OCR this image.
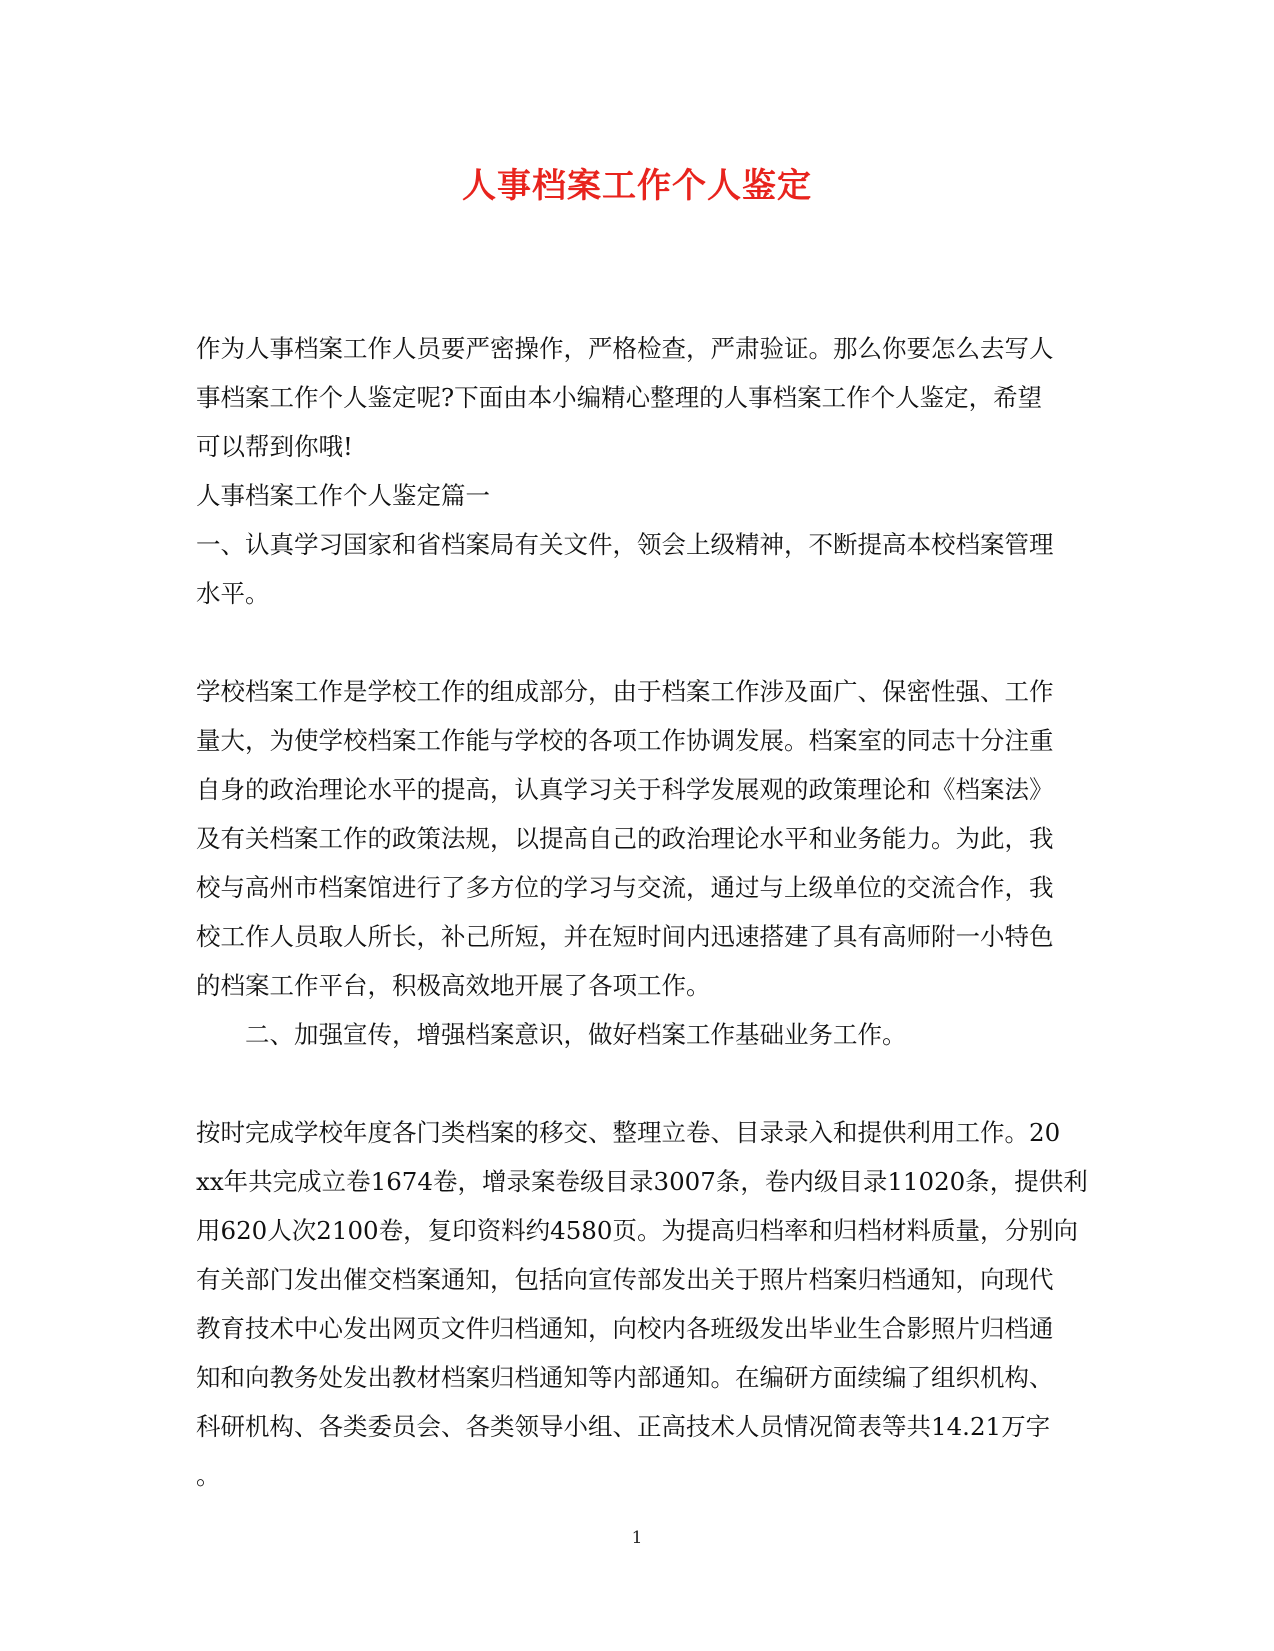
人事档案工作个人鉴定
作为人事档案工作人员要严密操作，严格检查，严肃验证。那么你要怎么去写人
事档案工作个人鉴定呢?下面由本小编精心整理的人事档案工作个人鉴定，希望
可以帮到你哦!
人事档案工作个人鉴定篇一
一、认真学习国家和省档案局有关文件，领会上级精神，不断提高本校档案管理
水平。
学校档案工作是学校工作的组成部分，由于档案工作涉及面广、保密性强、工作
量大，为使学校档案工作能与学校的各项工作协调发展。档案室的同志十分注重
自身的政治理论水平的提高，认真学习关于科学发展观的政策理论和《档案法》
及有关档案工作的政策法规，以提高自己的政治理论水平和业务能力。为此，我
校与高州市档案馆进行了多方位的学习与交流，通过与上级单位的交流合作，我
校工作人员取人所长，补己所短，并在短时间内迅速搭建了具有高师附一小特色
的档案工作平台，积极高效地开展了各项工作。
二、加强宣传，增强档案意识，做好档案工作基础业务工作。
按时完成学校年度各门类档案的移交、整理立卷、目录录入和提供利用工作。20
xx年共完成立卷1674卷，增录案卷级目录3007条，卷内级目录11020条，提供利
用620人次2100卷，复印资料约4580页。为提高归档率和归档材料质量，分别向
有关部门发出催交档案通知，包括向宣传部发出关于照片档案归档通知，向现代
教育技术中心发出网页文件归档通知，向校内各班级发出毕业生合影照片归档通
知和向教务处发出教材档案归档通知等内部通知。在编研方面续编了组织机构、
科研机构、各类委员会、各类领导小组、正高技术人员情况简表等共14.21万字
。
1
